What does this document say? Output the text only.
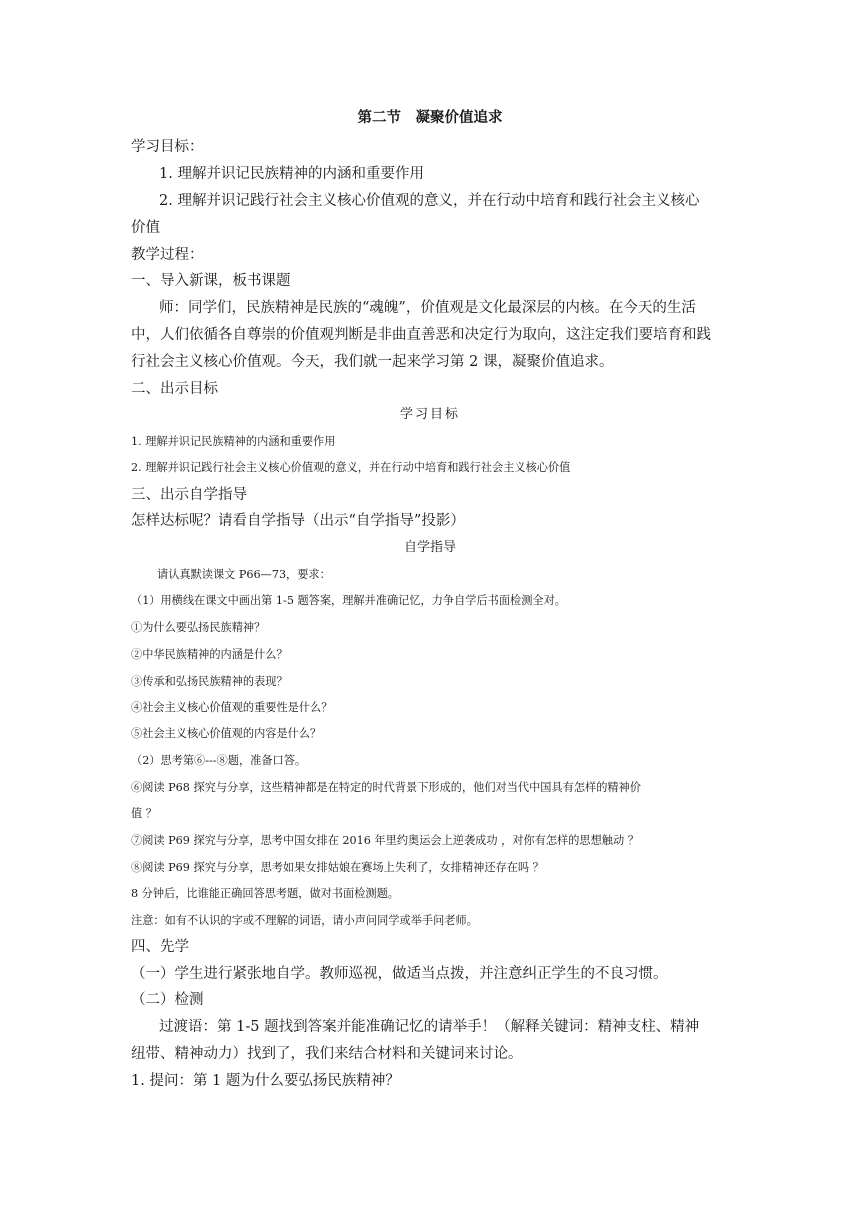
第二节　凝聚价值追求
学习目标：
1. 理解并识记民族精神的内涵和重要作用
2. 理解并识记践行社会主义核心价值观的意义，并在行动中培育和践行社会主义核心
价值
教学过程：
一、导入新课，板书课题
师：同学们，民族精神是民族的“魂魄”，价值观是文化最深层的内核。在今天的生活
中，人们依循各自尊崇的价值观判断是非曲直善恶和决定行为取向，这注定我们要培育和践
行社会主义核心价值观。今天，我们就一起来学习第 2 课，凝聚价值追求。
二、出示目标
学习目标
1. 理解并识记民族精神的内涵和重要作用
2. 理解并识记践行社会主义核心价值观的意义，并在行动中培育和践行社会主义核心价值
三、出示自学指导
怎样达标呢？请看自学指导（出示“自学指导”投影）
自学指导
请认真默读课文 P66—73，要求：
（1）用横线在课文中画出第 1-5 题答案，理解并准确记忆，力争自学后书面检测全对。
①为什么要弘扬民族精神？
②中华民族精神的内涵是什么？
③传承和弘扬民族精神的表现？
④社会主义核心价值观的重要性是什么？
⑤社会主义核心价值观的内容是什么？
（2）思考第⑥---⑧题，准备口答。
⑥阅读 P68 探究与分享，这些精神都是在特定的时代背景下形成的，他们对当代中国具有怎样的精神价
值 ？
⑦阅读 P69 探究与分享，思考中国女排在 2016 年里约奥运会上逆袭成功 ，对你有怎样的思想触动 ？
⑧阅读 P69 探究与分享，思考如果女排姑娘在赛场上失利了，女排精神还存在吗 ？
8 分钟后，比谁能正确回答思考题，做对书面检测题。
注意：如有不认识的字或不理解的词语，请小声问同学或举手问老师。
四、先学
（一）学生进行紧张地自学。教师巡视，做适当点拨，并注意纠正学生的不良习惯。
（二）检测
过渡语：第 1-5 题找到答案并能准确记忆的请举手！（解释关键词：精神支柱、精神
纽带、精神动力）找到了，我们来结合材料和关键词来讨论。
1. 提问：第 1 题为什么要弘扬民族精神？
